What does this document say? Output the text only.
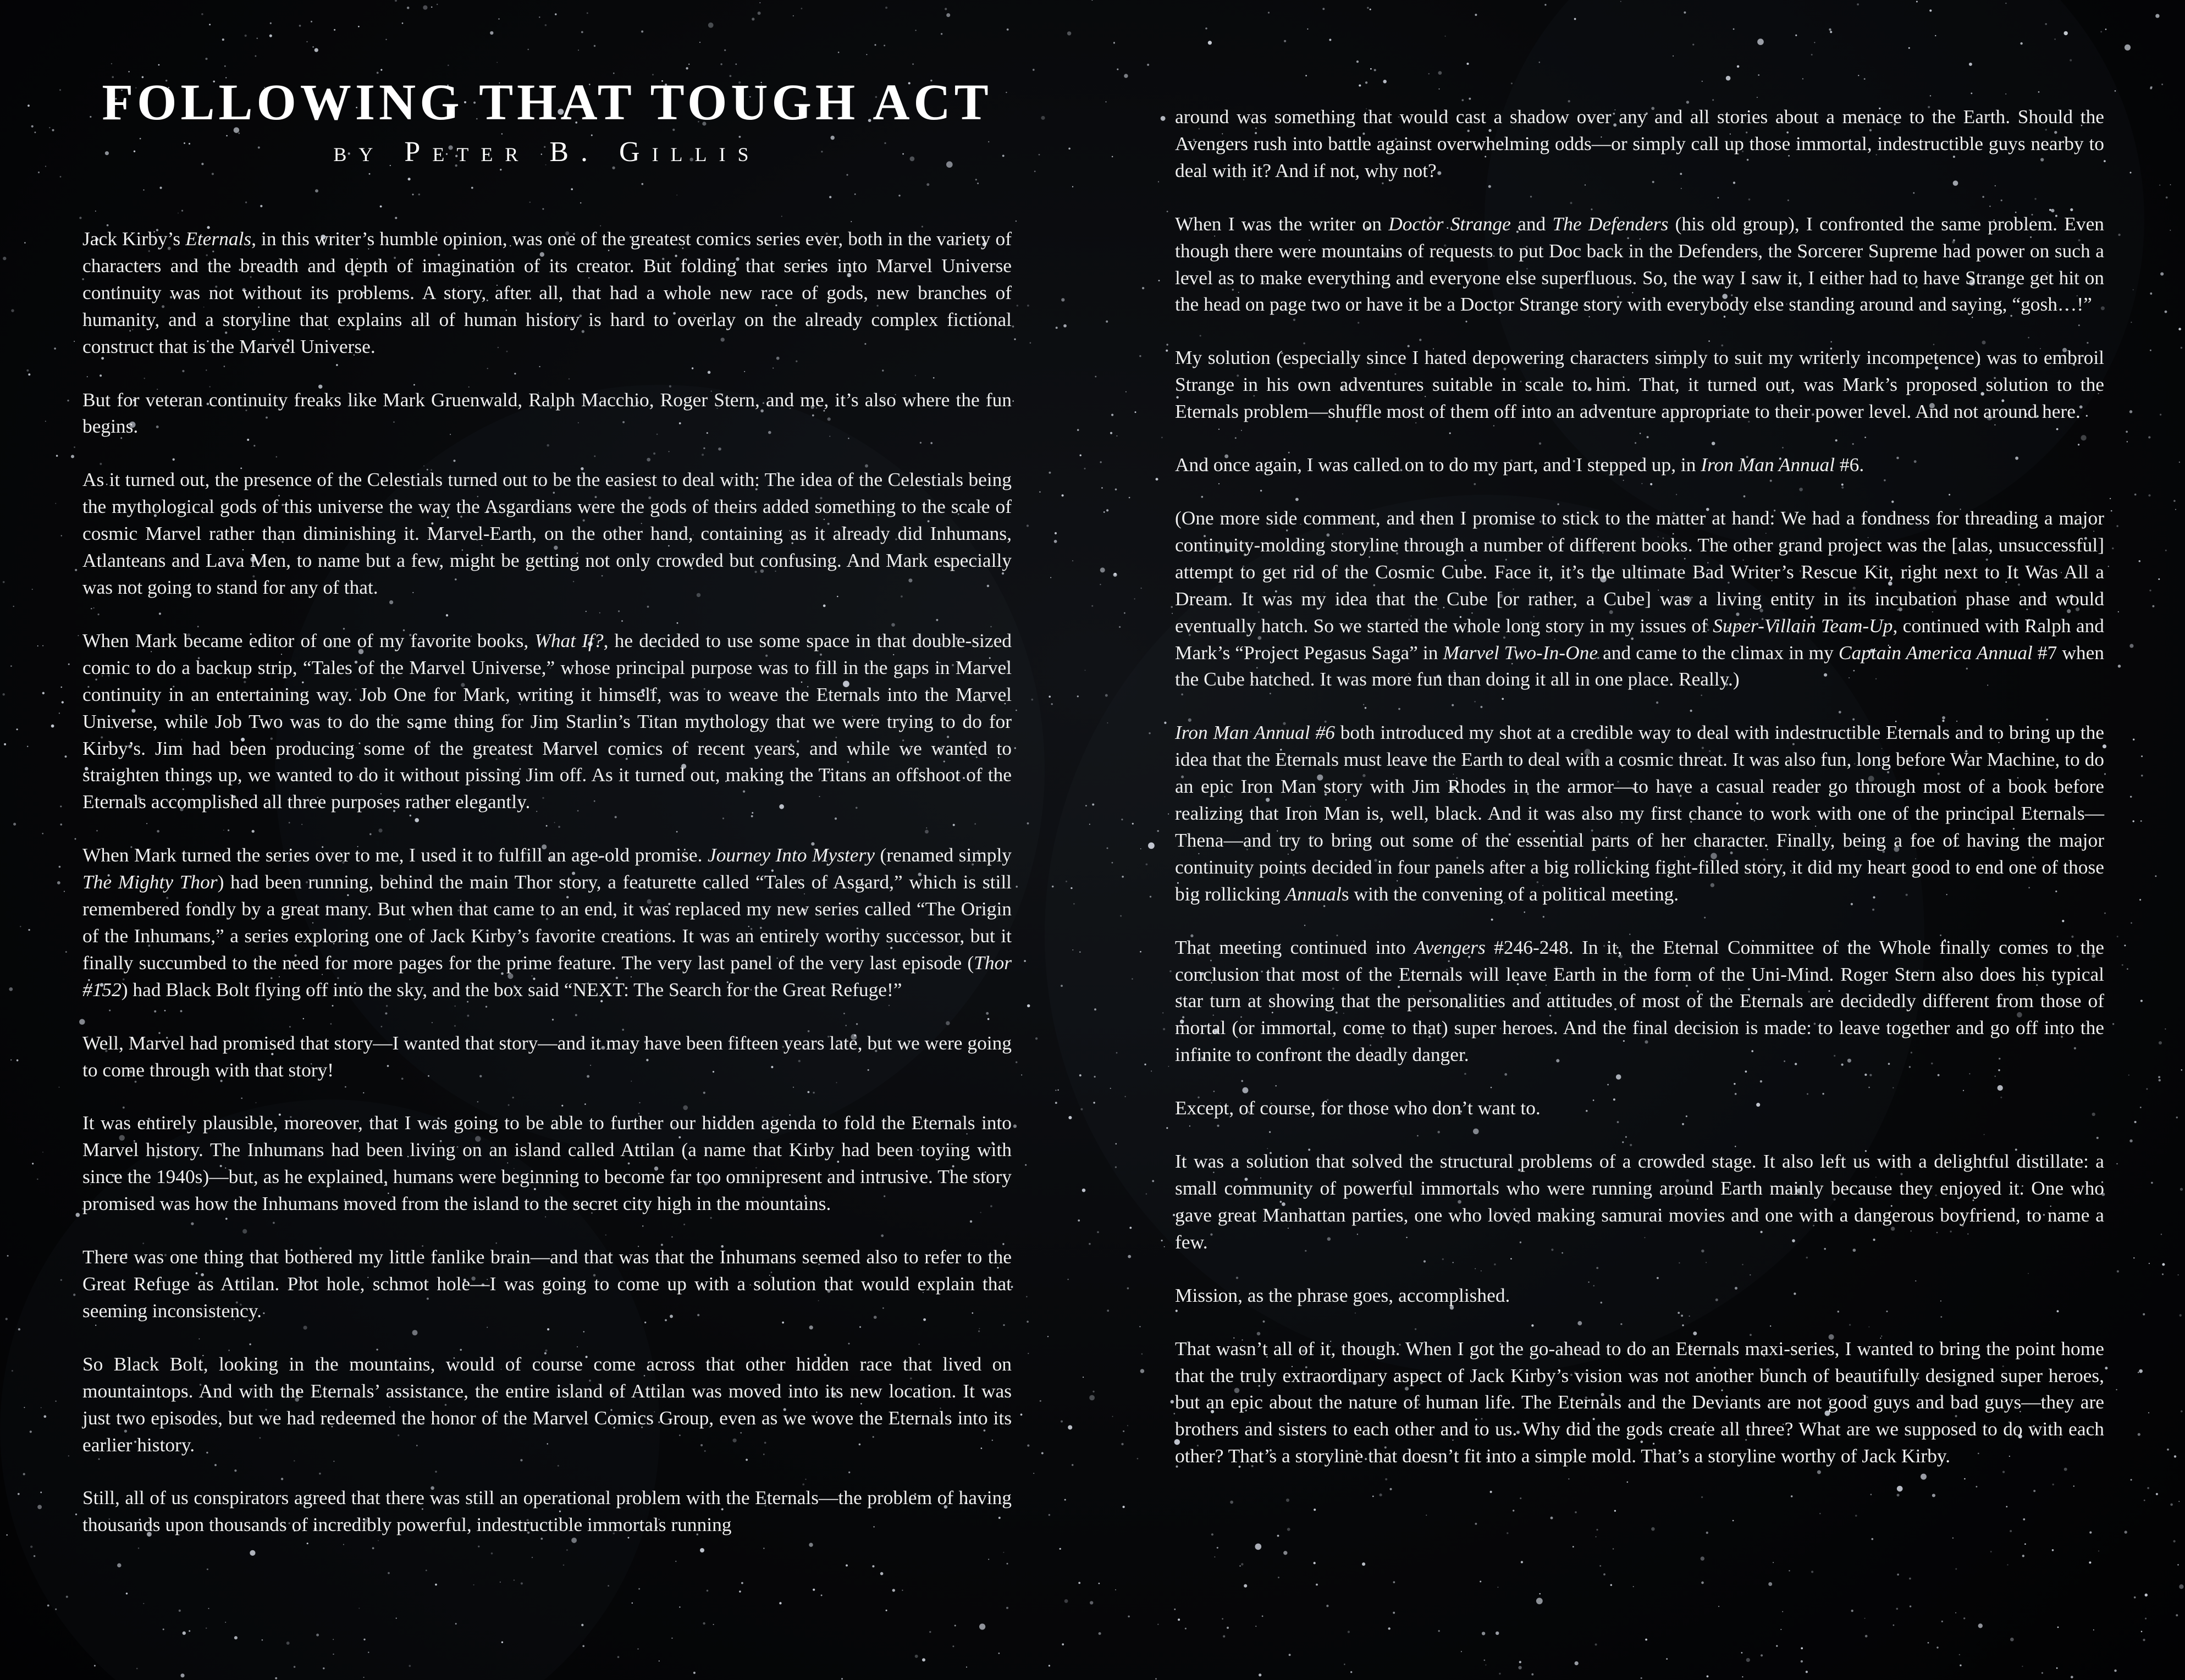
FOLLOWING THAT TOUGH ACT
by Peter B. Gillis

Jack Kirby’s Eternals, in this writer’s humble opinion, was one of the greatest comics series ever, both in the variety of characters and the breadth and depth of imagination of its creator. But folding that series into Marvel Universe continuity was not without its problems. A story, after all, that had a whole new race of gods, new branches of humanity, and a storyline that explains all of human history is hard to overlay on the already complex fictional construct that is the Marvel Universe.

But for veteran continuity freaks like Mark Gruenwald, Ralph Macchio, Roger Stern, and me, it’s also where the fun begins.

As it turned out, the presence of the Celestials turned out to be the easiest to deal with: The idea of the Celestials being the mythological gods of this universe the way the Asgardians were the gods of theirs added something to the scale of cosmic Marvel rather than diminishing it. Marvel-Earth, on the other hand, containing as it already did Inhumans, Atlanteans and Lava Men, to name but a few, might be getting not only crowded but confusing. And Mark especially was not going to stand for any of that.

When Mark became editor of one of my favorite books, What If?, he decided to use some space in that double-sized comic to do a backup strip, “Tales of the Marvel Universe,” whose principal purpose was to fill in the gaps in Marvel continuity in an entertaining way. Job One for Mark, writing it himself, was to weave the Eternals into the Marvel Universe, while Job Two was to do the same thing for Jim Starlin’s Titan mythology that we were trying to do for Kirby’s. Jim had been producing some of the greatest Marvel comics of recent years, and while we wanted to straighten things up, we wanted to do it without pissing Jim off. As it turned out, making the Titans an offshoot of the Eternals accomplished all three purposes rather elegantly.

When Mark turned the series over to me, I used it to fulfill an age-old promise. Journey Into Mystery (renamed simply The Mighty Thor) had been running, behind the main Thor story, a featurette called “Tales of Asgard,” which is still remembered fondly by a great many. But when that came to an end, it was replaced my new series called “The Origin of the Inhumans,” a series exploring one of Jack Kirby’s favorite creations. It was an entirely worthy successor, but it finally succumbed to the need for more pages for the prime feature. The very last panel of the very last episode (Thor #152) had Black Bolt flying off into the sky, and the box said “NEXT: The Search for the Great Refuge!”

Well, Marvel had promised that story—I wanted that story—and it may have been fifteen years late, but we were going to come through with that story!

It was entirely plausible, moreover, that I was going to be able to further our hidden agenda to fold the Eternals into Marvel history. The Inhumans had been living on an island called Attilan (a name that Kirby had been toying with since the 1940s)—but, as he explained, humans were beginning to become far too omnipresent and intrusive. The story promised was how the Inhumans moved from the island to the secret city high in the mountains.

There was one thing that bothered my little fanlike brain—and that was that the Inhumans seemed also to refer to the Great Refuge as Attilan. Plot hole, schmot hole—I was going to come up with a solution that would explain that seeming inconsistency.

So Black Bolt, looking in the mountains, would of course come across that other hidden race that lived on mountaintops. And with the Eternals’ assistance, the entire island of Attilan was moved into its new location. It was just two episodes, but we had redeemed the honor of the Marvel Comics Group, even as we wove the Eternals into its earlier history.

Still, all of us conspirators agreed that there was still an operational problem with the Eternals—the problem of having thousands upon thousands of incredibly powerful, indestructible immortals running

around was something that would cast a shadow over any and all stories about a menace to the Earth. Should the Avengers rush into battle against overwhelming odds—or simply call up those immortal, indestructible guys nearby to deal with it? And if not, why not?

When I was the writer on Doctor Strange and The Defenders (his old group), I confronted the same problem. Even though there were mountains of requests to put Doc back in the Defenders, the Sorcerer Supreme had power on such a level as to make everything and everyone else superfluous. So, the way I saw it, I either had to have Strange get hit on the head on page two or have it be a Doctor Strange story with everybody else standing around and saying, “gosh…!”

My solution (especially since I hated depowering characters simply to suit my writerly incompetence) was to embroil Strange in his own adventures suitable in scale to him. That, it turned out, was Mark’s proposed solution to the Eternals problem—shuffle most of them off into an adventure appropriate to their power level. And not around here.

And once again, I was called on to do my part, and I stepped up, in Iron Man Annual #6.

(One more side comment, and then I promise to stick to the matter at hand: We had a fondness for threading a major continuity-molding storyline through a number of different books. The other grand project was the [alas, unsuccessful] attempt to get rid of the Cosmic Cube. Face it, it’s the ultimate Bad Writer’s Rescue Kit, right next to It Was All a Dream. It was my idea that the Cube [or rather, a Cube] was a living entity in its incubation phase and would eventually hatch. So we started the whole long story in my issues of Super-Villain Team-Up, continued with Ralph and Mark’s “Project Pegasus Saga” in Marvel Two-In-One and came to the climax in my Captain America Annual #7 when the Cube hatched. It was more fun than doing it all in one place. Really.)

Iron Man Annual #6 both introduced my shot at a credible way to deal with indestructible Eternals and to bring up the idea that the Eternals must leave the Earth to deal with a cosmic threat. It was also fun, long before War Machine, to do an epic Iron Man story with Jim Rhodes in the armor—to have a casual reader go through most of a book before realizing that Iron Man is, well, black. And it was also my first chance to work with one of the principal Eternals—Thena—and try to bring out some of the essential parts of her character. Finally, being a foe of having the major continuity points decided in four panels after a big rollicking fight-filled story, it did my heart good to end one of those big rollicking Annuals with the convening of a political meeting.

That meeting continued into Avengers #246-248. In it, the Eternal Committee of the Whole finally comes to the conclusion that most of the Eternals will leave Earth in the form of the Uni-Mind. Roger Stern also does his typical star turn at showing that the personalities and attitudes of most of the Eternals are decidedly different from those of mortal (or immortal, come to that) super heroes. And the final decision is made: to leave together and go off into the infinite to confront the deadly danger.

Except, of course, for those who don’t want to.

It was a solution that solved the structural problems of a crowded stage. It also left us with a delightful distillate: a small community of powerful immortals who were running around Earth mainly because they enjoyed it. One who gave great Manhattan parties, one who loved making samurai movies and one with a dangerous boyfriend, to name a few.

Mission, as the phrase goes, accomplished.

That wasn’t all of it, though. When I got the go-ahead to do an Eternals maxi-series, I wanted to bring the point home that the truly extraordinary aspect of Jack Kirby’s vision was not another bunch of beautifully designed super heroes, but an epic about the nature of human life. The Eternals and the Deviants are not good guys and bad guys—they are brothers and sisters to each other and to us. Why did the gods create all three? What are we supposed to do with each other? That’s a storyline that doesn’t fit into a simple mold. That’s a storyline worthy of Jack Kirby.
